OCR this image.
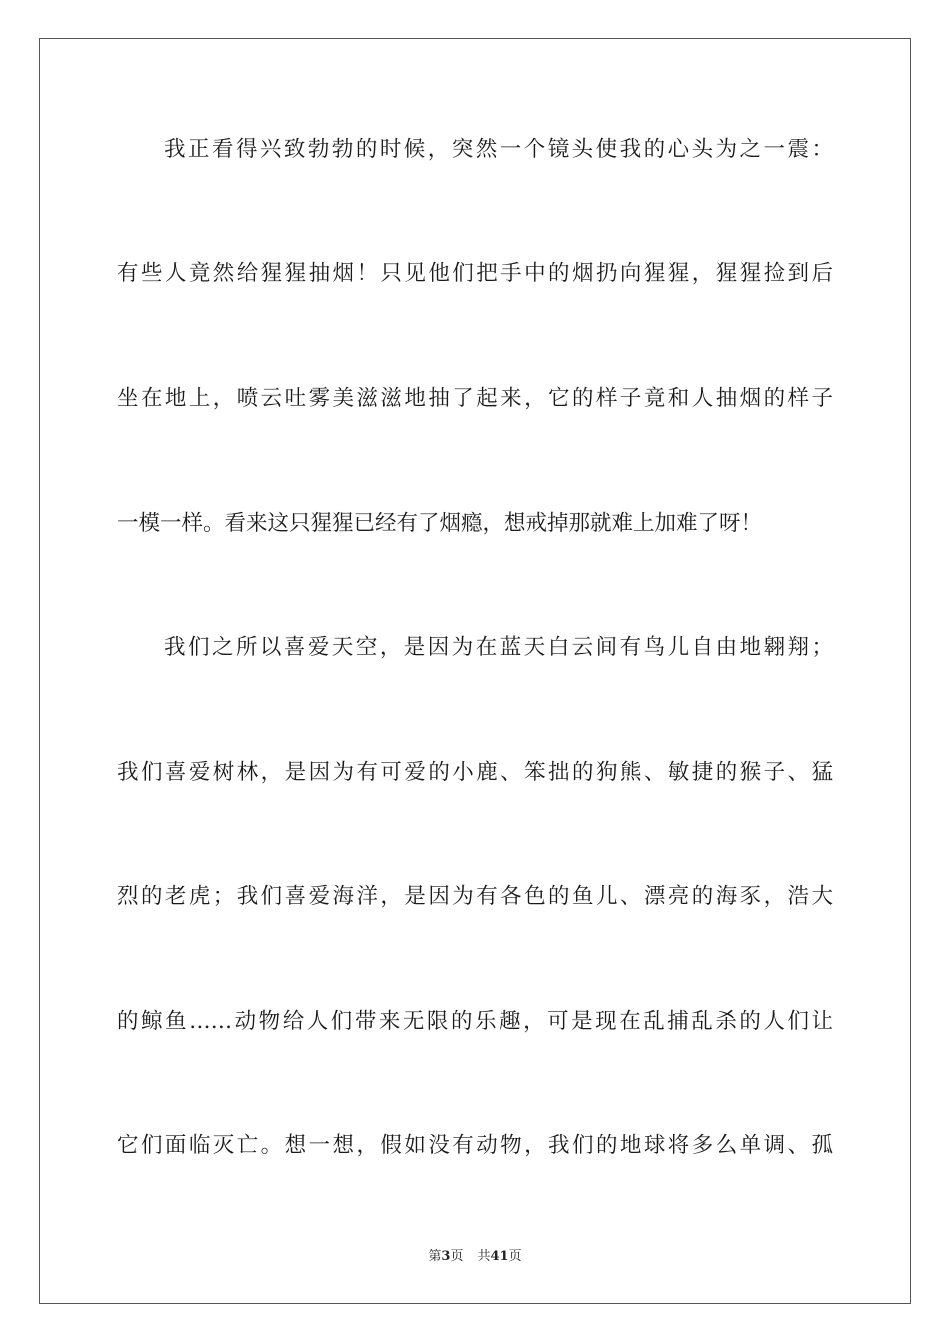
我正看得兴致勃勃的时候，突然一个镜头使我的心头为之一震：
有些人竟然给猩猩抽烟！只见他们把手中的烟扔向猩猩，猩猩捡到后
坐在地上，喷云吐雾美滋滋地抽了起来，它的样子竟和人抽烟的样子
一模一样。看来这只猩猩已经有了烟瘾，想戒掉那就难上加难了呀！
我们之所以喜爱天空，是因为在蓝天白云间有鸟儿自由地翱翔；
我们喜爱树林，是因为有可爱的小鹿、笨拙的狗熊、敏捷的猴子、猛
烈的老虎；我们喜爱海洋，是因为有各色的鱼儿、漂亮的海豕，浩大
的鲸鱼……动物给人们带来无限的乐趣，可是现在乱捕乱杀的人们让
它们面临灭亡。想一想，假如没有动物，我们的地球将多么单调、孤
第3页 共41页
